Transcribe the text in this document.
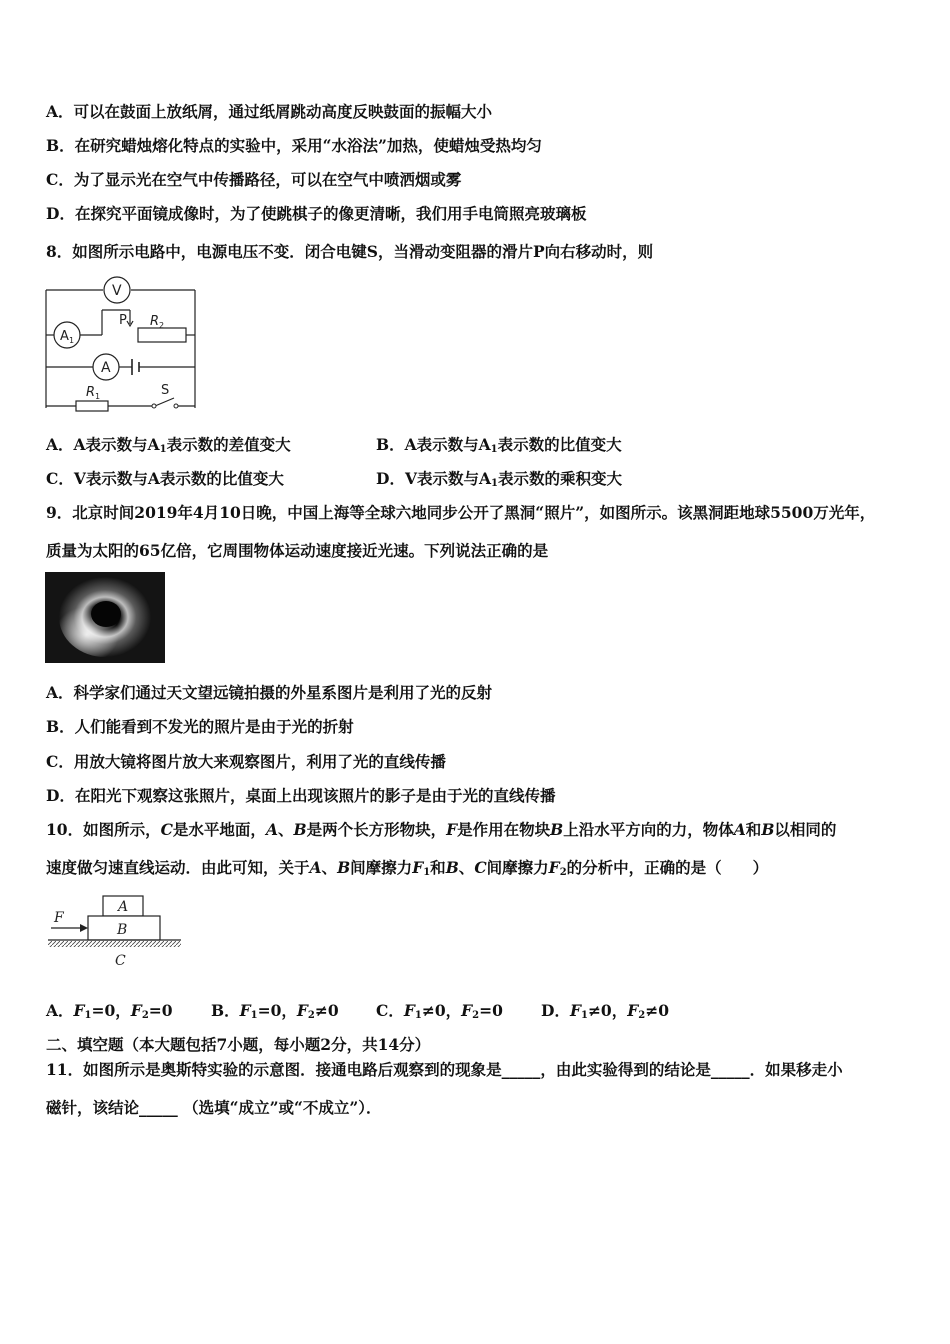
A．可以在鼓面上放纸屑，通过纸屑跳动高度反映鼓面的振幅大小
B．在研究蜡烛熔化特点的实验中，采用“水浴法”加热，使蜡烛受热均匀
C．为了显示光在空气中传播路径，可以在空气中喷洒烟或雾
D．在探究平面镜成像时，为了使跳棋子的像更清晰，我们用手电筒照亮玻璃板
8．如图所示电路中，电源电压不变．闭合电键S，当滑动变阻器的滑片P向右移动时，则
V
A 1
A
P R 2
R 1	S
A．A表示数与$A_1$表示数的差值变大	B．A表示数与$A_1$表示数的比值变大
C．V表示数与A表示数的比值变大	D．V表示数与$A_1$表示数的乘积变大
9．北京时间2019年4月10日晚，中国上海等全球六地同步公开了黑洞“照片”，如图所示。该黑洞距地球5500万光年，
质量为太阳的65亿倍，它周围物体运动速度接近光速。下列说法正确的是
A．科学家们通过天文望远镜拍摄的外星系图片是利用了光的反射
B．人们能看到不发光的照片是由于光的折射
C．用放大镜将图片放大来观察图片，利用了光的直线传播
D．在阳光下观察这张照片，桌面上出现该照片的影子是由于光的直线传播
10．如图所示，C是水平地面，A、B是两个长方形物块，F是作用在物块B上沿水平方向的力，物体A和B以相同的
速度做匀速直线运动．由此可知，关于A、B间摩擦力$F_1$和B、C间摩擦力$F_2$的分析中，正确的是（　　）
F
A
B
C
A．$F_1=0$，$F_2=0$ B．$F_1=0$，$F_2\ne 0$ C．$F_1\ne 0$，$F_2=0$ D．$F_1\ne 0$，$F_2\ne 0$
二、填空题（本大题包括7小题，每小题2分，共14分）
11．如图所示是奥斯特实验的示意图．接通电路后观察到的现象是_____，由此实验得到的结论是_____．如果移走小
磁针，该结论_____ （选填“成立”或“不成立”）．
